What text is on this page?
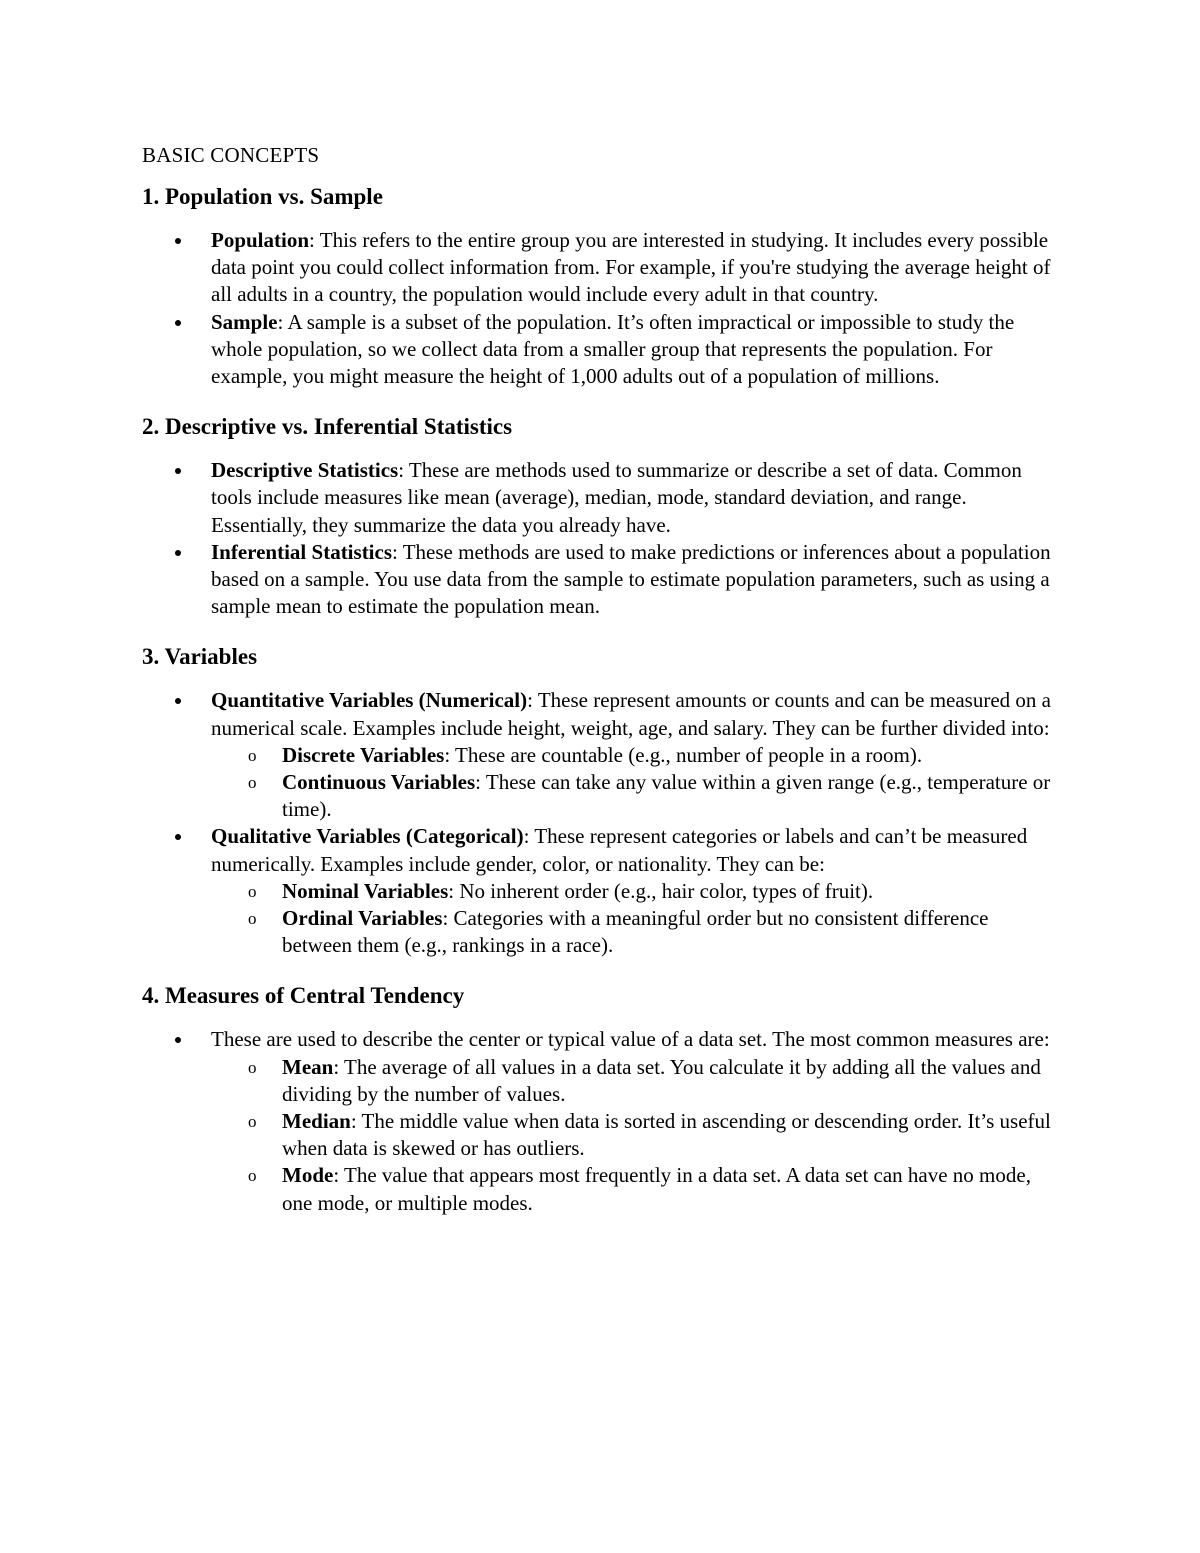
BASIC CONCEPTS
1. Population vs. Sample
Population: This refers to the entire group you are interested in studying. It includes every possible data point you could collect information from. For example, if you're studying the average height of all adults in a country, the population would include every adult in that country.
Sample: A sample is a subset of the population. It’s often impractical or impossible to study the whole population, so we collect data from a smaller group that represents the population. For example, you might measure the height of 1,000 adults out of a population of millions.
2. Descriptive vs. Inferential Statistics
Descriptive Statistics: These are methods used to summarize or describe a set of data. Common tools include measures like mean (average), median, mode, standard deviation, and range. Essentially, they summarize the data you already have.
Inferential Statistics: These methods are used to make predictions or inferences about a population based on a sample. You use data from the sample to estimate population parameters, such as using a sample mean to estimate the population mean.
3. Variables
Quantitative Variables (Numerical): These represent amounts or counts and can be measured on a numerical scale. Examples include height, weight, age, and salary. They can be further divided into:
o Discrete Variables: These are countable (e.g., number of people in a room).
o Continuous Variables: These can take any value within a given range (e.g., temperature or time).
Qualitative Variables (Categorical): These represent categories or labels and can’t be measured numerically. Examples include gender, color, or nationality. They can be:
o Nominal Variables: No inherent order (e.g., hair color, types of fruit).
o Ordinal Variables: Categories with a meaningful order but no consistent difference between them (e.g., rankings in a race).
4. Measures of Central Tendency
These are used to describe the center or typical value of a data set. The most common measures are:
o Mean: The average of all values in a data set. You calculate it by adding all the values and dividing by the number of values.
o Median: The middle value when data is sorted in ascending or descending order. It’s useful when data is skewed or has outliers.
o Mode: The value that appears most frequently in a data set. A data set can have no mode, one mode, or multiple modes.
